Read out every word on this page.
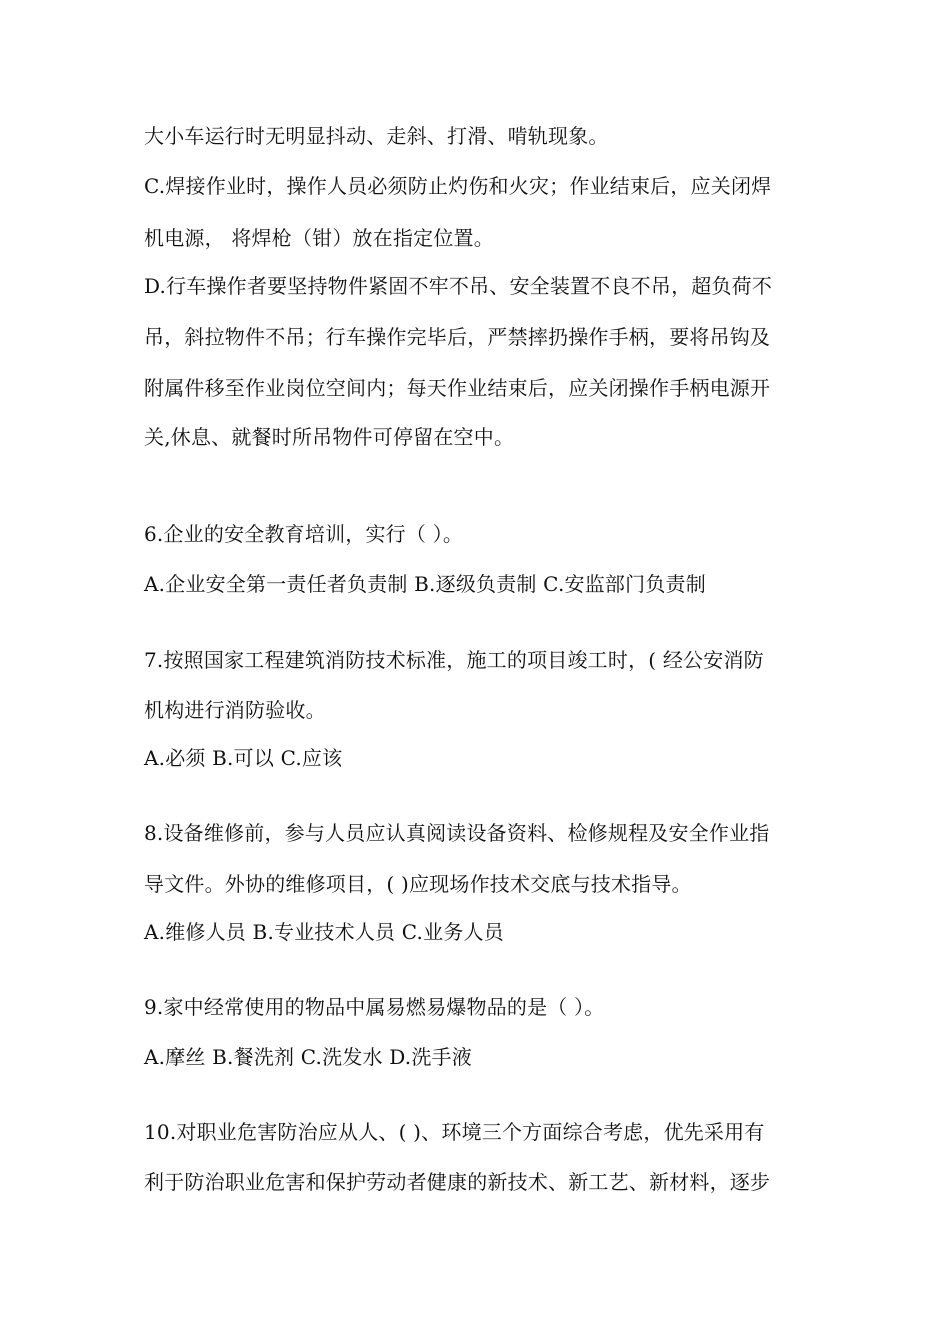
大小车运行时无明显抖动、走斜、打滑、啃轨现象。
C.焊接作业时，操作人员必须防止灼伤和火灾；作业结束后，应关闭焊
机电源， 将焊枪（钳）放在指定位置。
D.行车操作者要坚持物件紧固不牢不吊、安全装置不良不吊，超负荷不
吊，斜拉物件不吊；行车操作完毕后，严禁摔扔操作手柄，要将吊钩及
附属件移至作业岗位空间内；每天作业结束后，应关闭操作手柄电源开
关,休息、就餐时所吊物件可停留在空中。
6.企业的安全教育培训，实行（ ）。
A.企业安全第一责任者负责制 B.逐级负责制 C.安监部门负责制
7.按照国家工程建筑消防技术标准，施工的项目竣工时，( 经公安消防
机构进行消防验收。
A.必须 B.可以 C.应该
8.设备维修前，参与人员应认真阅读设备资料、检修规程及安全作业指
导文件。外协的维修项目，( )应现场作技术交底与技术指导。
A.维修人员 B.专业技术人员 C.业务人员
9.家中经常使用的物品中属易燃易爆物品的是（ ）。
A.摩丝 B.餐洗剂 C.洗发水 D.洗手液
10.对职业危害防治应从人、( )、环境三个方面综合考虑，优先采用有
利于防治职业危害和保护劳动者健康的新技术、新工艺、新材料，逐步
